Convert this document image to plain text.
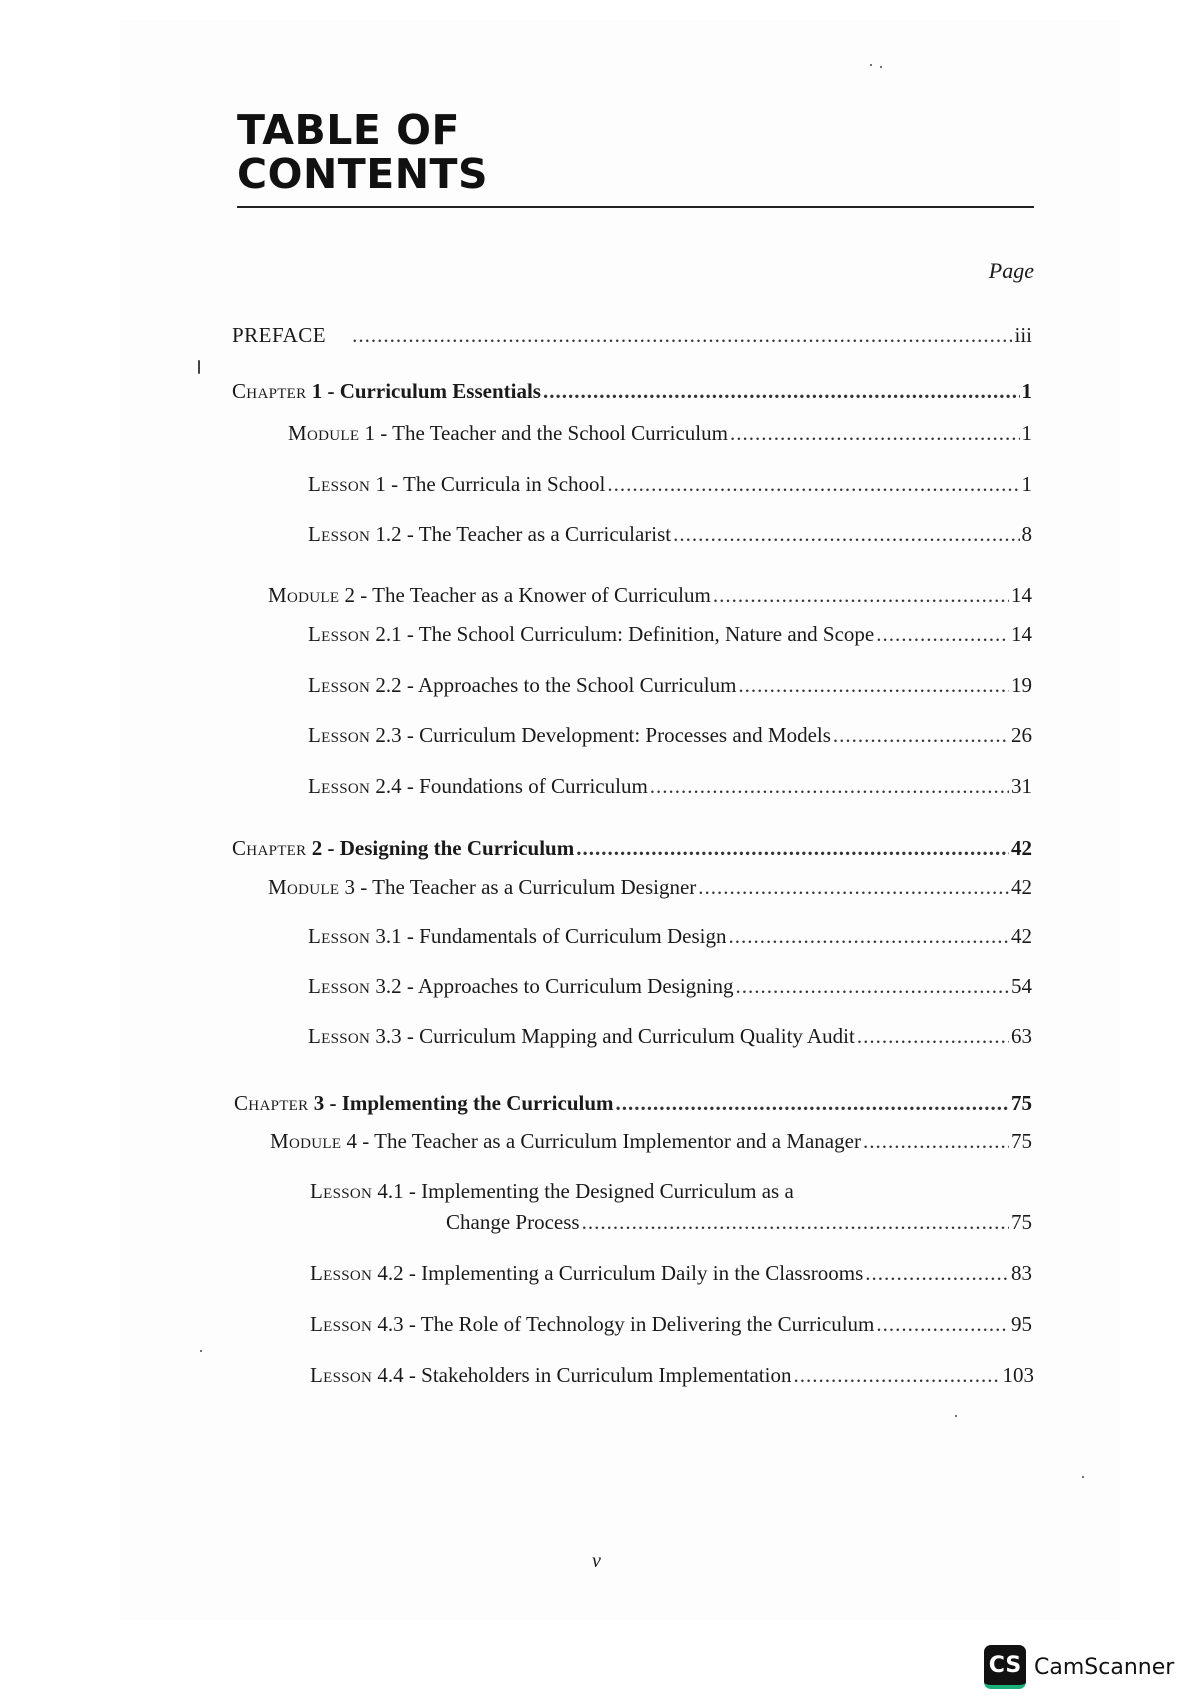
TABLE OF
CONTENTS
Page
PREFACE .....	iii
Chapter 1 - Curriculum Essentials .....	1
Module 1 - The Teacher and the School Curriculum .....	1
Lesson 1 - The Curricula in School .....	1
Lesson 1.2 - The Teacher as a Curricularist .....	8
Module 2 - The Teacher as a Knower of Curriculum .....	14
Lesson 2.1 - The School Curriculum: Definition, Nature and Scope .....	14
Lesson 2.2 - Approaches to the School Curriculum .....	19
Lesson 2.3 - Curriculum Development: Processes and Models .....	26
Lesson 2.4 - Foundations of Curriculum .....	31
Chapter 2 - Designing the Curriculum .....	42
Module 3 - The Teacher as a Curriculum Designer .....	42
Lesson 3.1 - Fundamentals of Curriculum Design .....	42
Lesson 3.2 - Approaches to Curriculum Designing .....	54
Lesson 3.3 - Curriculum Mapping and Curriculum Quality Audit .....	63
Chapter 3 - Implementing the Curriculum .....	75
Module 4 - The Teacher as a Curriculum Implementor and a Manager .....	75
Lesson 4.1 - Implementing the Designed Curriculum as a
Change Process .....	75
Lesson 4.2 - Implementing a Curriculum Daily in the Classrooms .....	83
Lesson 4.3 - The Role of Technology in Delivering the Curriculum .....	95
Lesson 4.4 - Stakeholders in Curriculum Implementation .....	103
v
CS CamScanner
